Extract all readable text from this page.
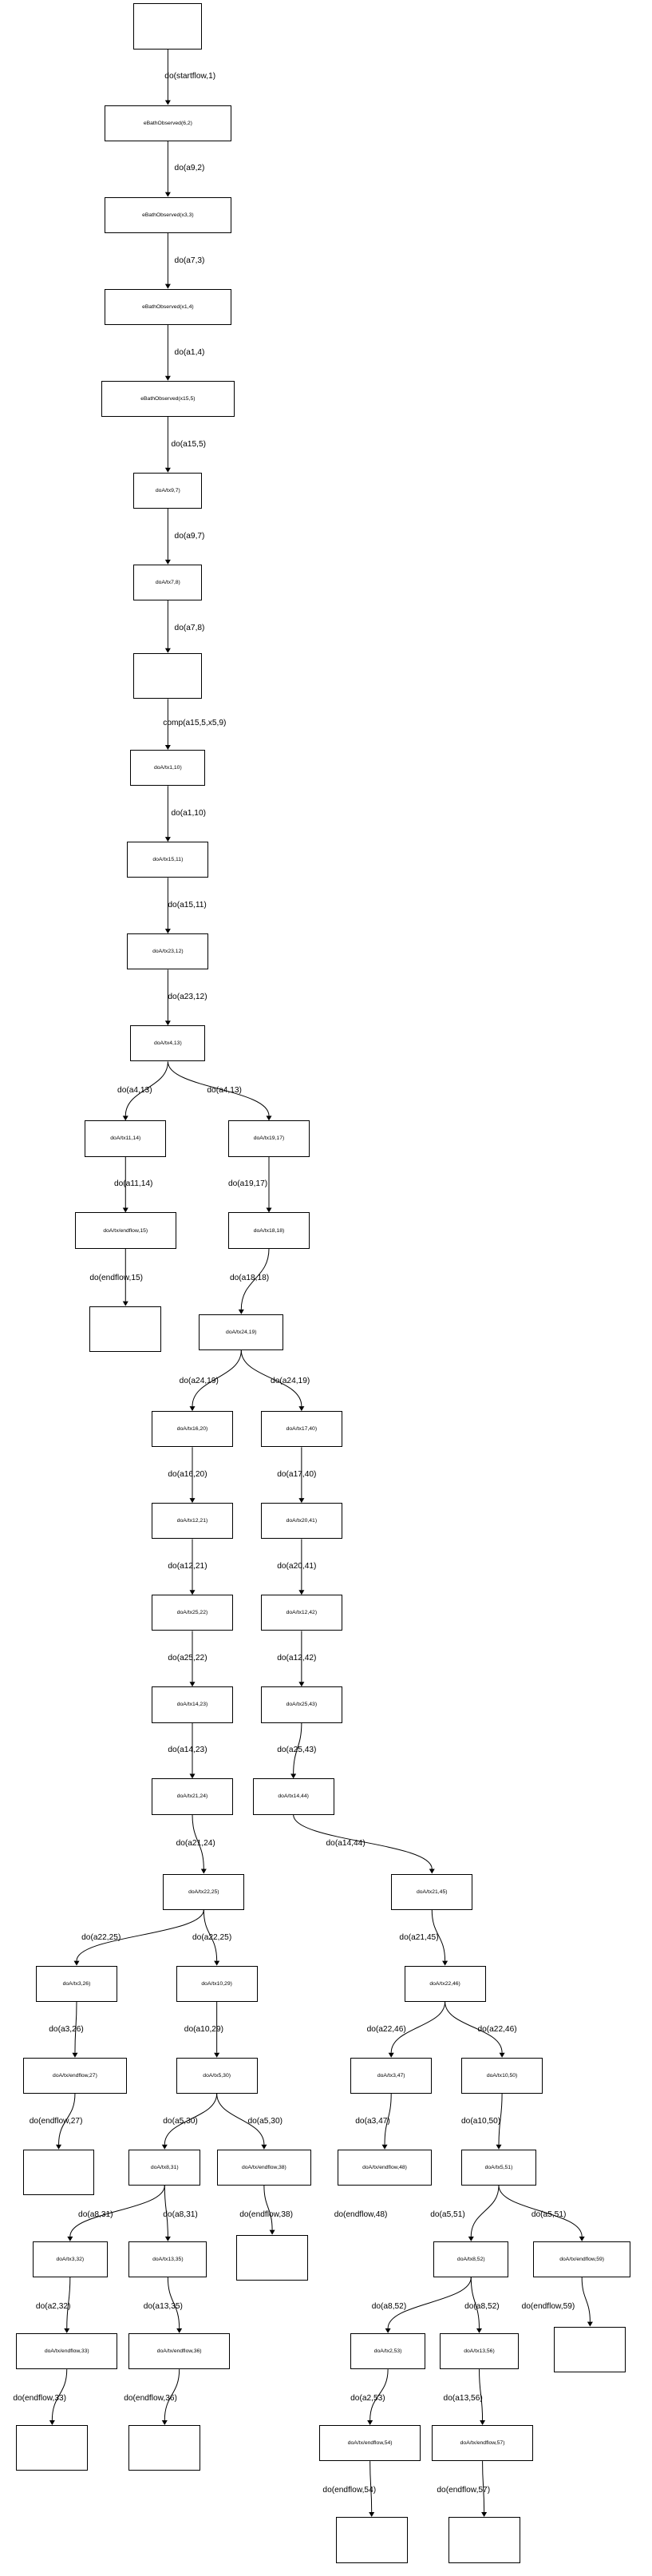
eBathObserved(6,2)
eBathObserved(x3,3)
eBathObserved(x1,4)
eBathObserved(x15,5)
doA/tx9,7)
doA/tx7,8)
doA/tx1,10)
doA/tx15,11)
doA/tx23,12)
doA/tx4,13)
doA/tx11,14)	doA/tx19,17)
doA/tx/endflow,15)	doA/tx18,18)
doA/tx24,19)
doA/tx16,20)	doA/tx17,40)
doA/tx12,21)	doA/tx20,41)
doA/tx25,22)	doA/tx12,42)
doA/tx14,23)	doA/tx25,43)
doA/tx21,24)	doA/tx14,44)
doA/tx22,25)	doA/tx21,45)
doA/tx3,26)	doA/tx10,29)	doA/tx22,46)
doA/tx/endflow,27)	doA/tx5,30)	doA/tx3,47)	doA/tx10,50)
doA/tx8,31)	doA/tx/endflow,38)	doA/tx/endflow,48)	doA/tx5,51)
doA/tx3,32)	doA/tx13,35)	doA/tx8,52)	doA/tx/endflow,59)
doA/tx/endflow,33)	doA/tx/endflow,36)	doA/tx2,53)	doA/tx13,56)
doA/tx/endflow,54)	doA/tx/endflow,57)
do(startflow,1)
do(a9,2)
do(a7,3)
do(a1,4)
do(a15,5)
do(a9,7)
do(a7,8)
comp(a15,5,x5,9)
do(a1,10)
do(a15,11)
do(a23,12)
do(a4,13)	do(a4,13)
do(a11,14)	do(a19,17)
do(endflow,15)	do(a18,18)
do(a24,19)	do(a24,19)
do(a16,20)	do(a17,40)
do(a12,21)	do(a20,41)
do(a25,22)	do(a12,42)
do(a14,23)	do(a25,43)
do(a21,24)	do(a14,44)
do(a22,25)	do(a22,25)	do(a21,45)
do(a3,26)	do(a10,29)	do(a22,46)	do(a22,46)
do(endflow,27)	do(a5,30)	do(a5,30)	do(a3,47)	do(a10,50)
do(a8,31)	do(a8,31)	do(endflow,38)	do(endflow,48)	do(a5,51)	do(a5,51)
do(a2,32)	do(a13,35)	do(a8,52)	do(a8,52)	do(endflow,59)
do(endflow,33)	do(endflow,36)	do(a2,53)	do(a13,56)
do(endflow,54)	do(endflow,57)
